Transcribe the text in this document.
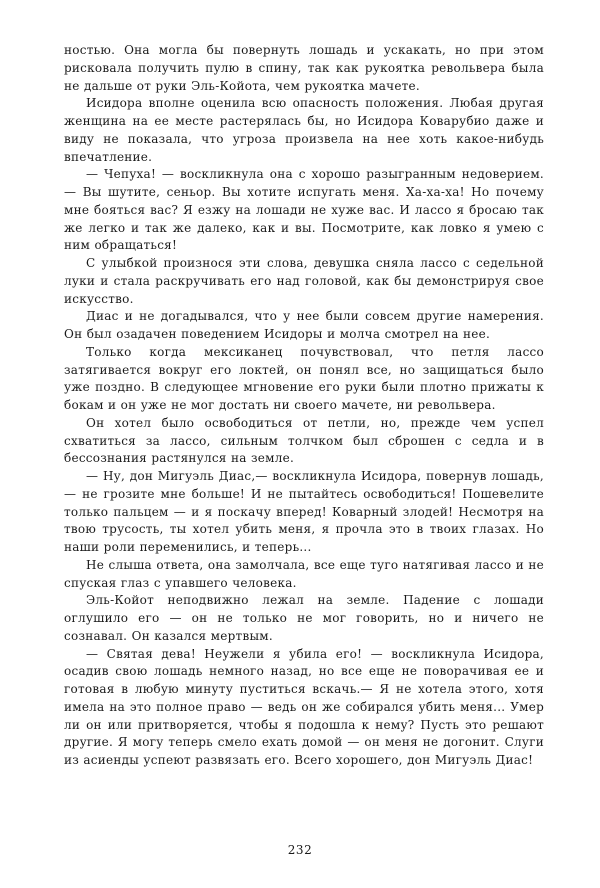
ностью. Она могла бы повернуть лошадь и ускакать, но при этом рисковала получить пулю в спину, так как рукоятка револьвера была не дальше от руки Эль-Койота, чем рукоятка мачете.

Исидора вполне оценила всю опасность положения. Любая другая женщина на ее месте растерялась бы, но Исидора Коварубио даже и виду не показала, что угроза произвела на нее хоть какое-нибудь впечатление.

— Чепуха! — воскликнула она с хорошо разыгранным недоверием.— Вы шутите, сеньор. Вы хотите испугать меня. Ха-ха-ха! Но почему мне бояться вас? Я езжу на лошади не хуже вас. И лассо я бросаю так же легко и так же далеко, как и вы. Посмотрите, как ловко я умею с ним обращаться!

С улыбкой произнося эти слова, девушка сняла лассо с седельной луки и стала раскручивать его над головой, как бы демонстрируя свое искусство.

Диас и не догадывался, что у нее были совсем другие намерения. Он был озадачен поведением Исидоры и молча смотрел на нее.

Только когда мексиканец почувствовал, что петля лассо затягивается вокруг его локтей, он понял все, но защищаться было уже поздно. В следующее мгновение его руки были плотно прижаты к бокам и он уже не мог достать ни своего мачете, ни револьвера.

Он хотел было освободиться от петли, но, прежде чем успел схватиться за лассо, сильным толчком был сброшен с седла и в бессознания растянулся на земле.

— Ну, дон Мигуэль Диас,— воскликнула Исидора, повернув лошадь,— не грозите мне больше! И не пытайтесь освободиться! Пошевелите только пальцем — и я поскачу вперед! Коварный злодей! Несмотря на твою трусость, ты хотел убить меня, я прочла это в твоих глазах. Но наши роли переменились, и теперь...

Не слыша ответа, она замолчала, все еще туго натягивая лассо и не спуская глаз с упавшего человека.

Эль-Койот неподвижно лежал на земле. Падение с лошади оглушило его — он не только не мог говорить, но и ничего не сознавал. Он казался мертвым.

— Святая дева! Неужели я убила его! — воскликнула Исидора, осадив свою лошадь немного назад, но все еще не поворачивая ее и готовая в любую минуту пуститься вскачь.— Я не хотела этого, хотя имела на это полное право — ведь он же собирался убить меня... Умер ли он или притворяется, чтобы я подошла к нему? Пусть это решают другие. Я могу теперь смело ехать домой — он меня не догонит. Слуги из асиенды успеют развязать его. Всего хорошего, дон Мигуэль Диас!

232
